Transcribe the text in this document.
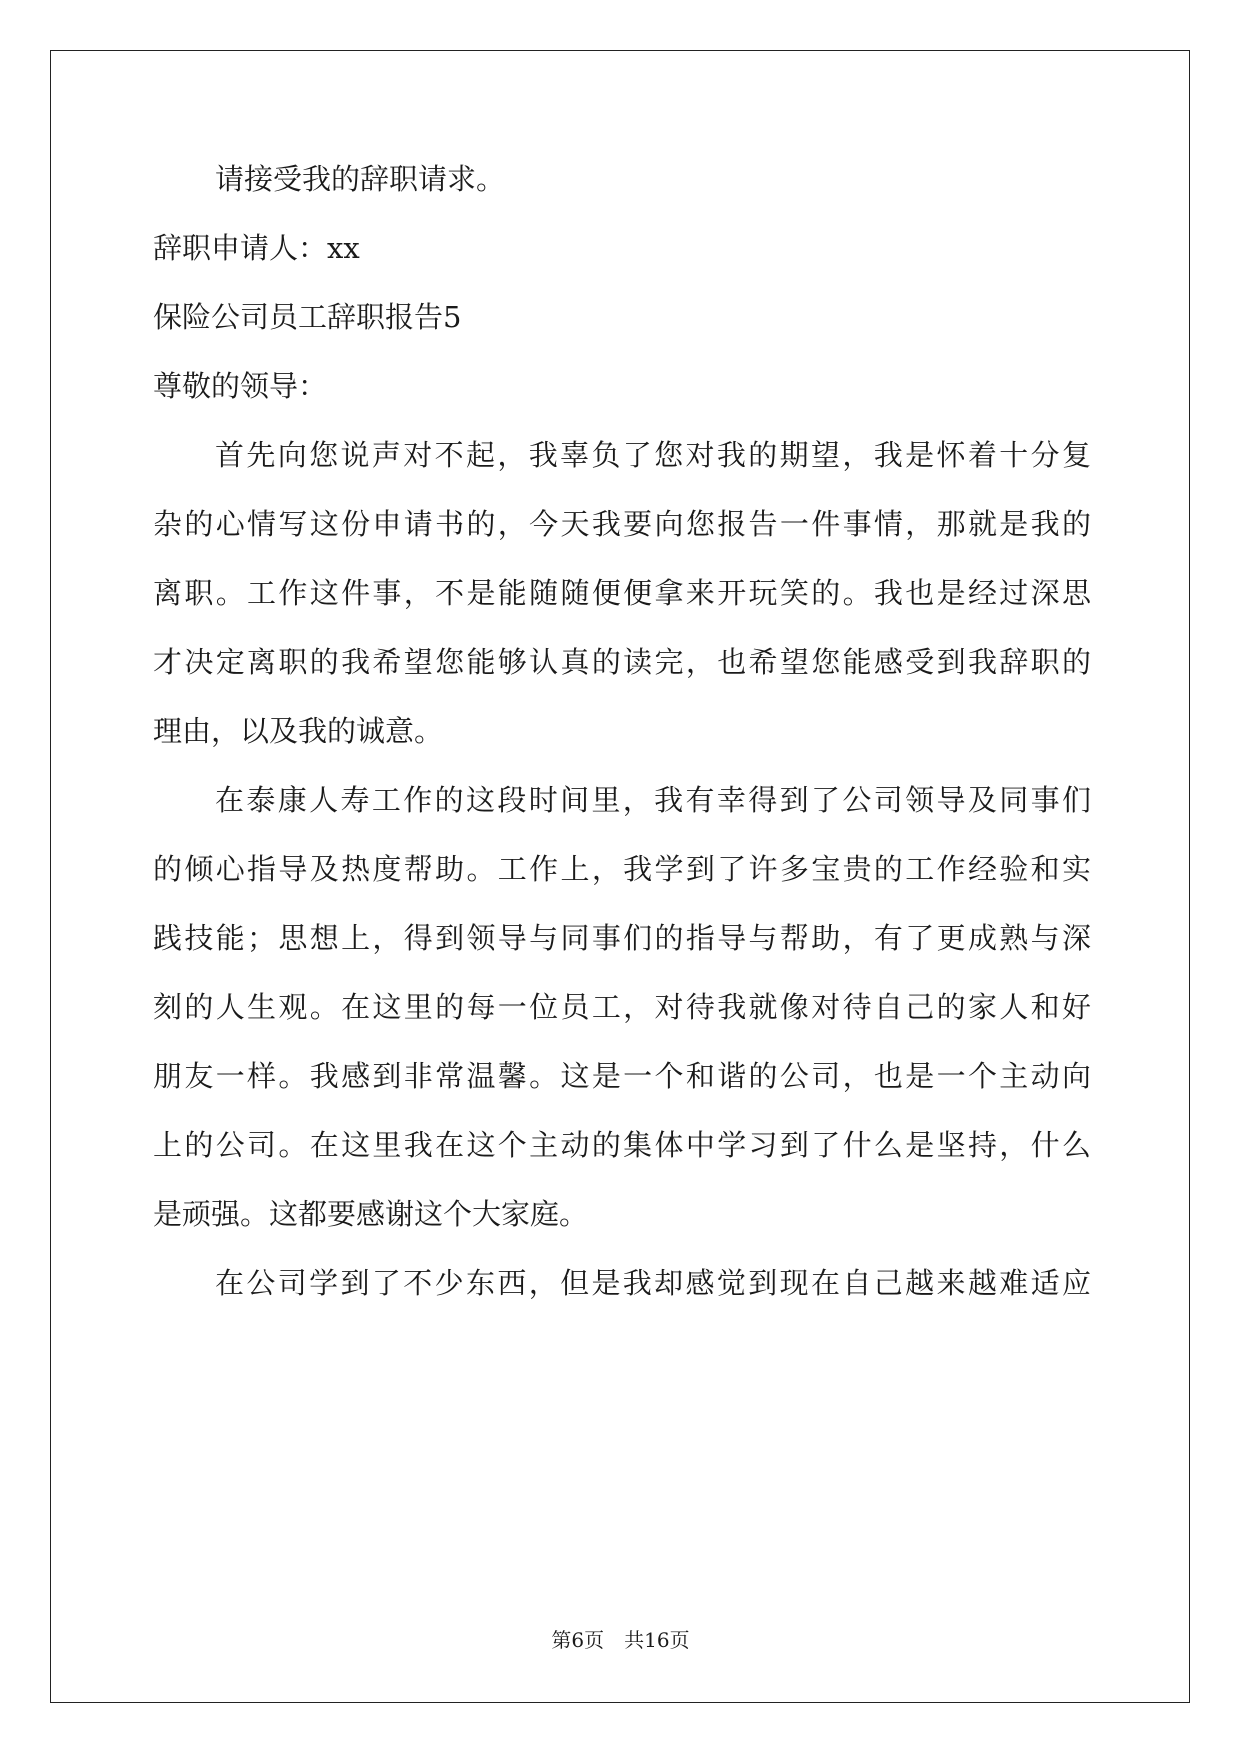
请接受我的辞职请求。

辞职申请人：xx

保险公司员工辞职报告5

尊敬的领导：

首先向您说声对不起，我辜负了您对我的期望，我是怀着十分复

杂的心情写这份申请书的，今天我要向您报告一件事情，那就是我的

离职。工作这件事，不是能随随便便拿来开玩笑的。我也是经过深思

才决定离职的我希望您能够认真的读完，也希望您能感受到我辞职的

理由，以及我的诚意。

在泰康人寿工作的这段时间里，我有幸得到了公司领导及同事们

的倾心指导及热度帮助。工作上，我学到了许多宝贵的工作经验和实

践技能；思想上，得到领导与同事们的指导与帮助，有了更成熟与深

刻的人生观。在这里的每一位员工，对待我就像对待自己的家人和好

朋友一样。我感到非常温馨。这是一个和谐的公司，也是一个主动向

上的公司。在这里我在这个主动的集体中学习到了什么是坚持，什么

是顽强。这都要感谢这个大家庭。

在公司学到了不少东西，但是我却感觉到现在自己越来越难适应

第6页　共16页
